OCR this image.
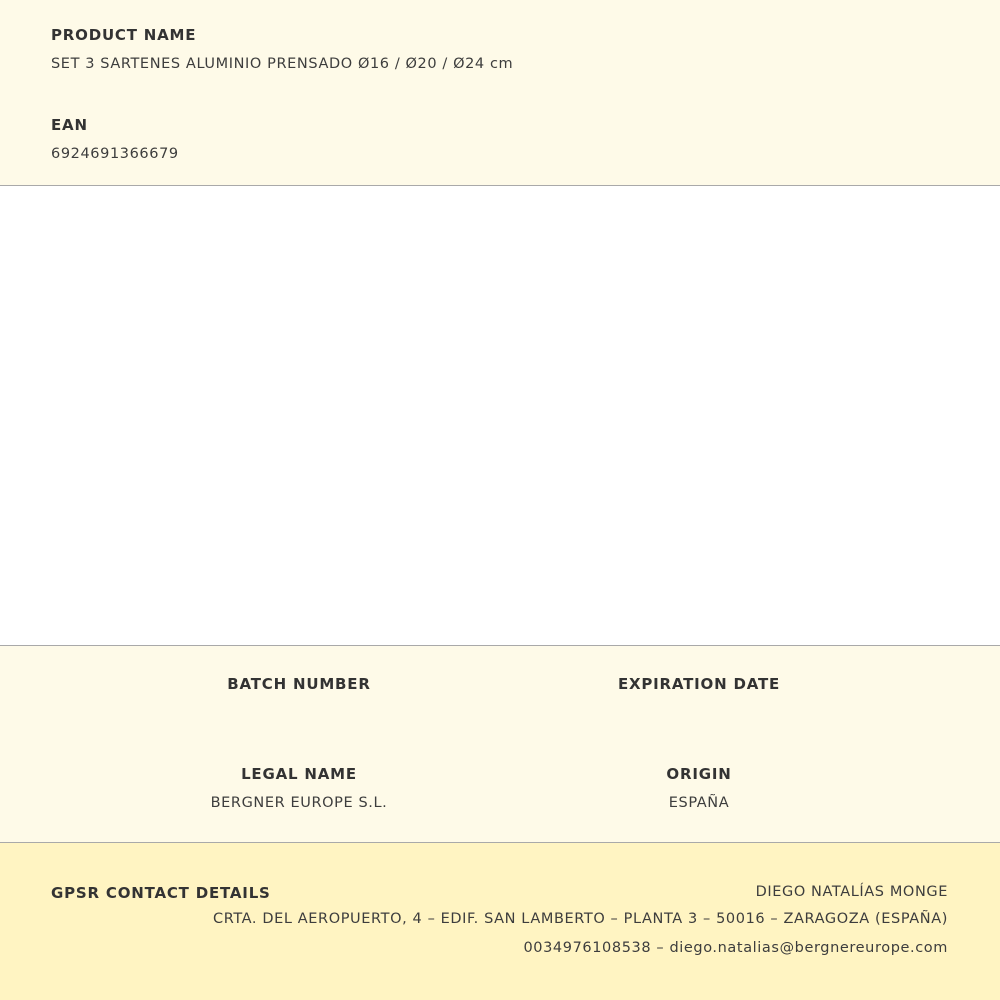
PRODUCT NAME
SET 3 SARTENES ALUMINIO PRENSADO Ø16 / Ø20 / Ø24 cm
EAN
6924691366679
BATCH NUMBER	EXPIRATION DATE
LEGAL NAME
BERGNER EUROPE S.L.
ORIGIN
ESPAÑA
GPSR CONTACT DETAILS	DIEGO NATALÍAS MONGE
CRTA. DEL AEROPUERTO, 4 – EDIF. SAN LAMBERTO – PLANTA 3 – 50016 – ZARAGOZA (ESPAÑA)
0034976108538 – diego.natalias@bergnereurope.com
